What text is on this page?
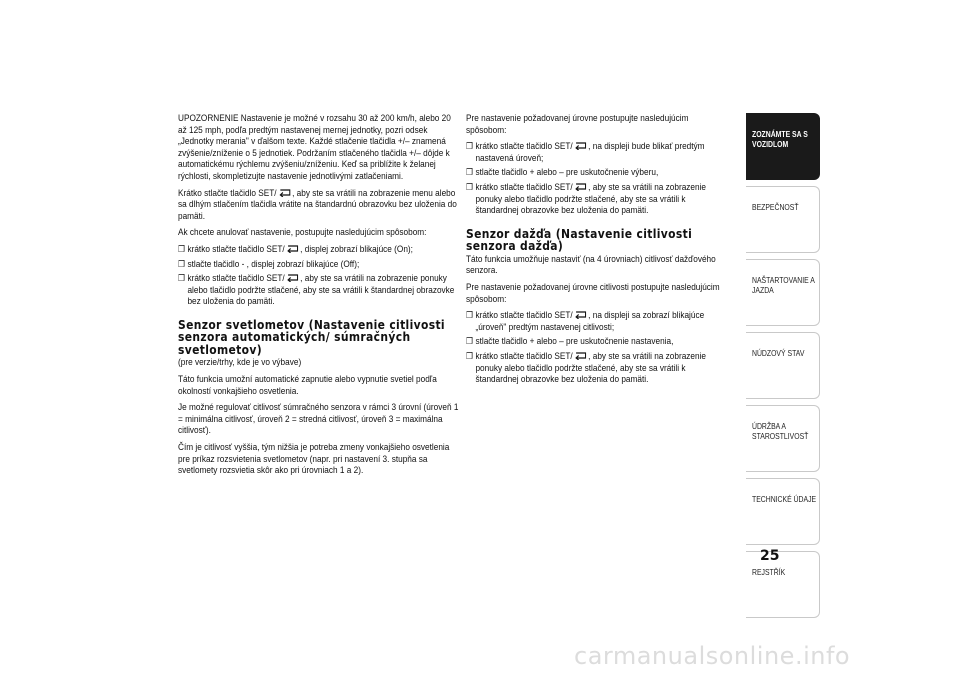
UPOZORNENIE Nastavenie je možné v rozsahu 30 až 200 km/h, alebo 20 až 125 mph, podľa predtým nastavenej mernej jednotky, pozri odsek „Jednotky merania" v ďalšom texte. Každé stlačenie tlačidla +/– znamená zvýšenie/zníženie o 5 jednotiek. Podržaním stlačeného tlačidla +/– dôjde k automatickému rýchlemu zvýšeniu/zníženiu. Keď sa priblížite k želanej rýchlosti, skompletizujte nastavenie jednotlivými zatlačeniami.

Krátko stlačte tlačidlo SET/ , aby ste sa vrátili na zobrazenie menu alebo sa dlhým stlačením tlačidla vrátite na štandardnú obrazovku bez uloženia do pamäti.

Ak chcete anulovať nastavenie, postupujte nasledujúcim spôsobom:

❒ krátko stlačte tlačidlo SET/ , displej zobrazí blikajúce (On);
❒ stlačte tlačidlo - , displej zobrazí blikajúce (Off);
❒ krátko stlačte tlačidlo SET/ , aby ste sa vrátili na zobrazenie ponuky alebo tlačidlo podržte stlačené, aby ste sa vrátili k štandardnej obrazovke bez uloženia do pamäti.
Senzor svetlometov (Nastavenie citlivosti senzora automatických/ súmračných svetlometov)

(pre verzie/trhy, kde je vo výbave)

Táto funkcia umožní automatické zapnutie alebo vypnutie svetiel podľa okolností vonkajšieho osvetlenia.

Je možné regulovať citlivosť súmračného senzora v rámci 3 úrovní (úroveň 1 = minimálna citlivosť, úroveň 2 = stredná citlivosť, úroveň 3 = maximálna citlivosť).

Čím je citlivosť vyššia, tým nižšia je potreba zmeny vonkajšieho osvetlenia pre príkaz rozsvietenia svetlometov (napr. pri nastavení 3. stupňa sa svetlomety rozsvietia skôr ako pri úrovniach 1 a 2).

Pre nastavenie požadovanej úrovne postupujte nasledujúcim spôsobom:

❒ krátko stlačte tlačidlo SET/ , na displeji bude blikať predtým nastavená úroveň;
❒ stlačte tlačidlo + alebo – pre uskutočnenie výberu,
❒ krátko stlačte tlačidlo SET/ , aby ste sa vrátili na zobrazenie ponuky alebo tlačidlo podržte stlačené, aby ste sa vrátili k štandardnej obrazovke bez uloženia do pamäti.
Senzor dažďa (Nastavenie citlivosti senzora dažďa)

Táto funkcia umožňuje nastaviť (na 4 úrovniach) citlivosť dažďového senzora.

Pre nastavenie požadovanej úrovne citlivosti postupujte nasledujúcim spôsobom:

❒ krátko stlačte tlačidlo SET/ , na displeji sa zobrazí blikajúce „úroveň" predtým nastavenej citlivosti;
❒ stlačte tlačidlo + alebo – pre uskutočnenie nastavenia,
❒ krátko stlačte tlačidlo SET/ , aby ste sa vrátili na zobrazenie ponuky alebo tlačidlo podržte stlačené, aby ste sa vrátili k štandardnej obrazovke bez uloženia do pamäti.
ZOZNÁMTE SA S VOZIDLOM
BEZPEČNOSŤ
NAŠTARTOVANIE A JAZDA
NÚDZOVÝ STAV
ÚDRŽBA A STAROSTLIVOSŤ
TECHNICKÉ ÚDAJE
REJSTŘÍK
25
carmanualsonline.info
